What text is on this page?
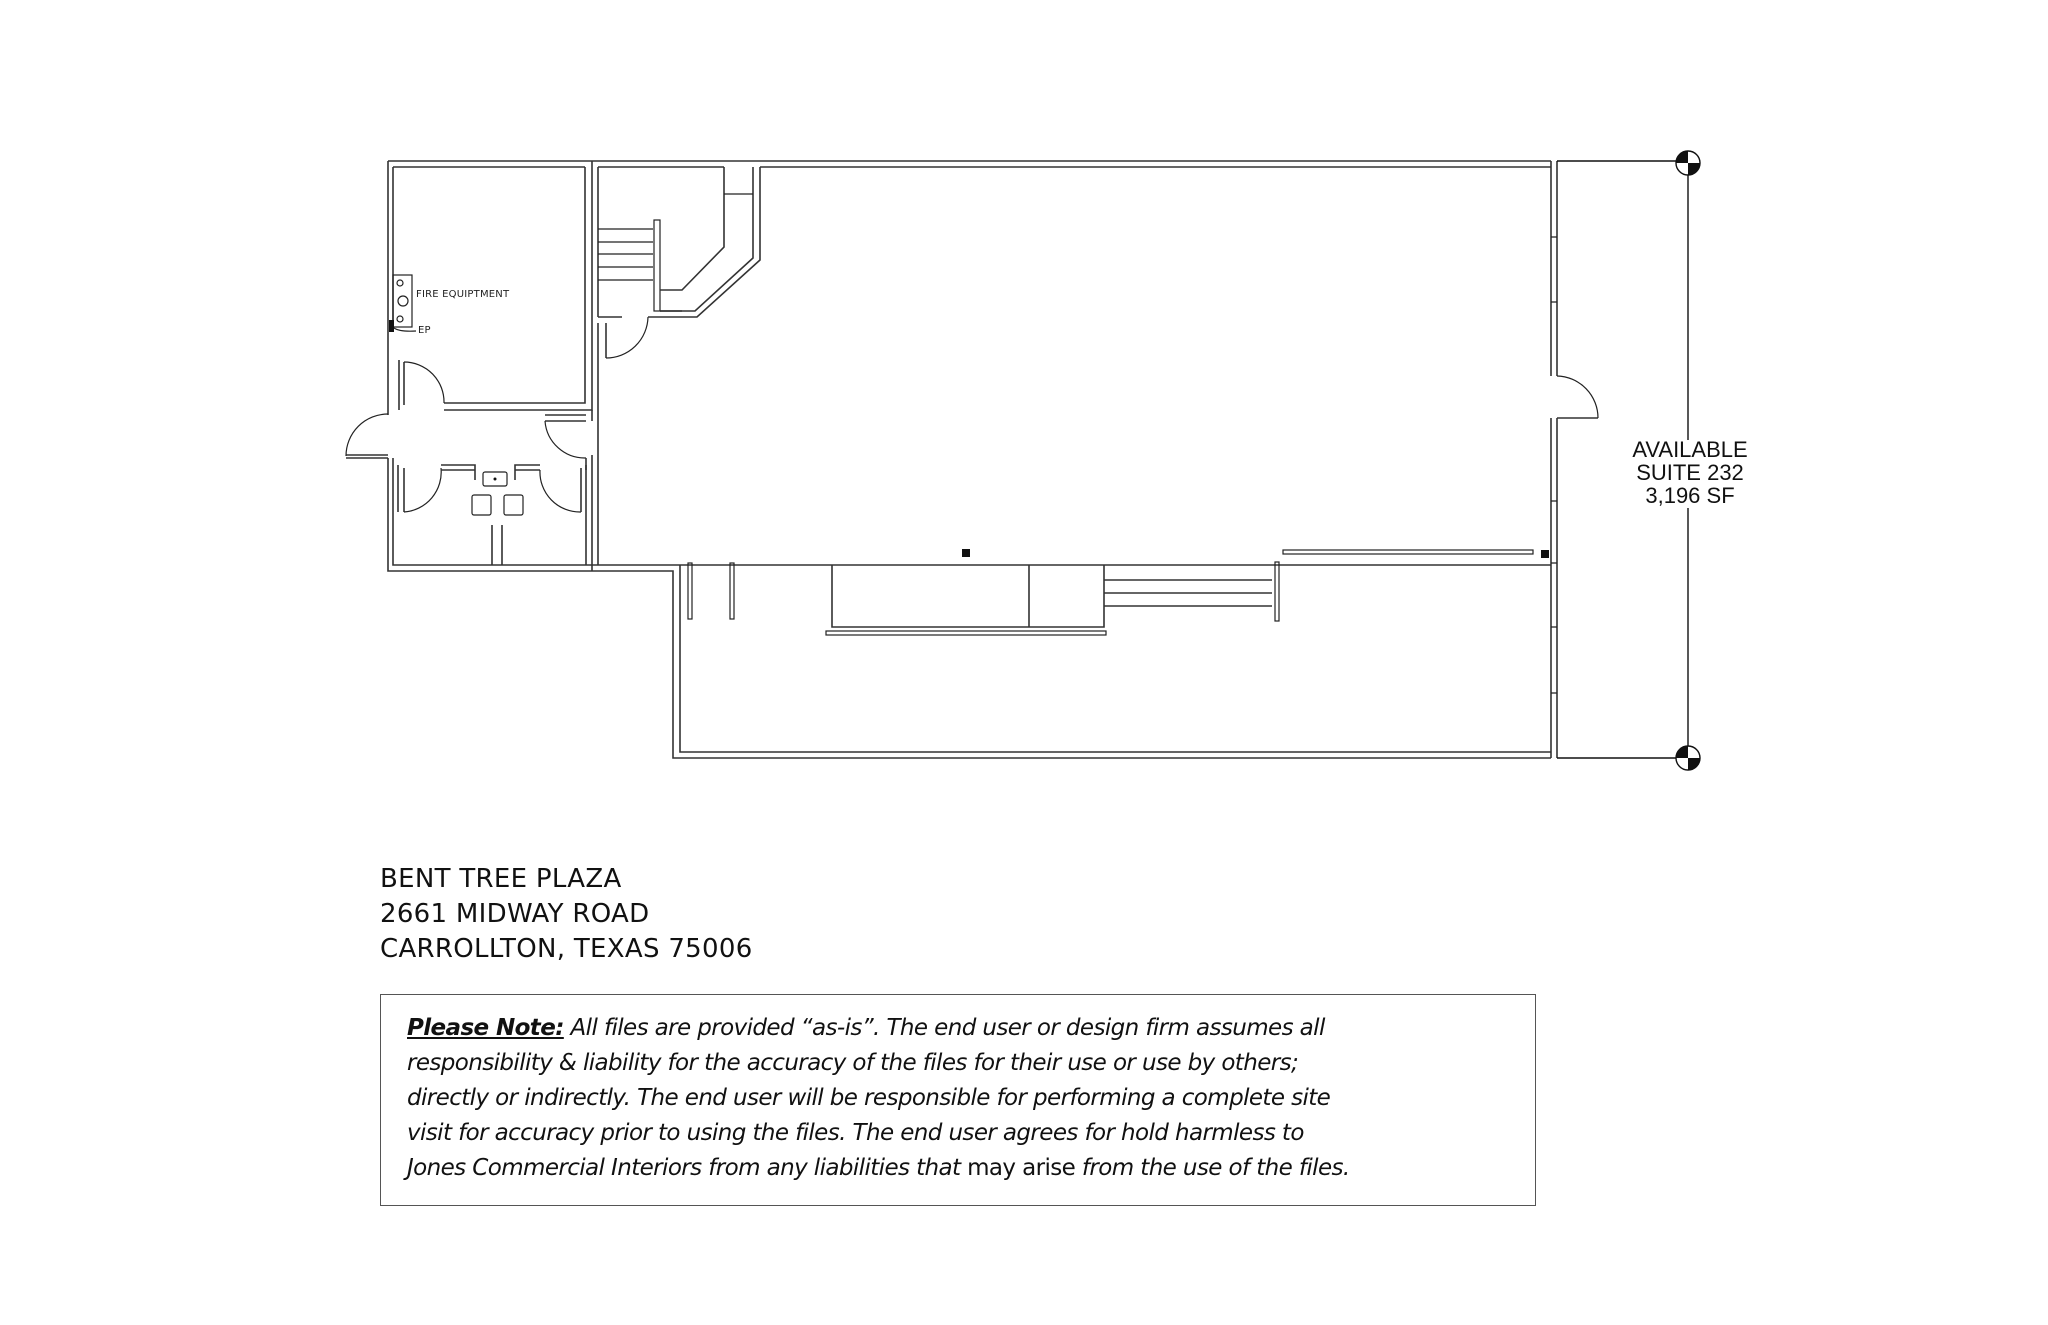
FIRE EQUIPTMENT
EP
AVAILABLE
SUITE 232
3,196 SF
BENT TREE PLAZA
2661 MIDWAY ROAD
CARROLLTON, TEXAS 75006
Please Note: All files are provided “as-is”. The end user or design firm assumes all
responsibility & liability for the accuracy of the files for their use or use by others;
directly or indirectly. The end user will be responsible for performing a complete site
visit for accuracy prior to using the files. The end user agrees for hold harmless to
Jones Commercial Interiors from any liabilities that may arise from the use of the files.
